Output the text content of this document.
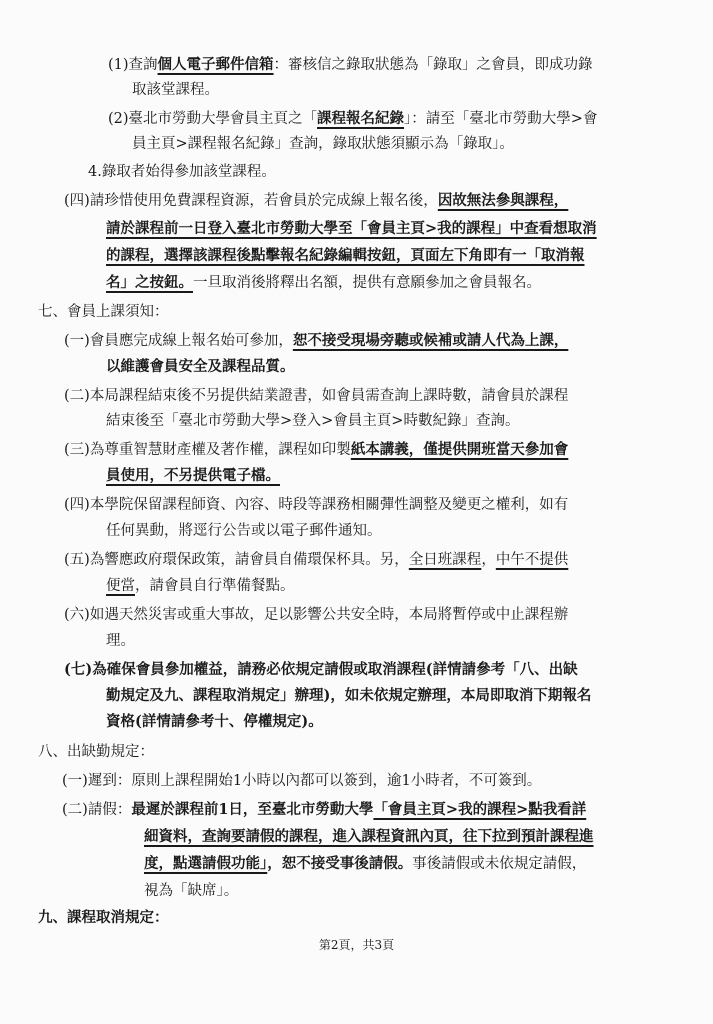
(1)查詢個人電子郵件信箱：審核信之錄取狀態為「錄取」之會員，即成功錄
取該堂課程。
(2)臺北市勞動大學會員主頁之「課程報名紀錄」：請至「臺北市勞動大學>會
員主頁>課程報名紀錄」查詢，錄取狀態須顯示為「錄取」。
4.錄取者始得參加該堂課程。
(四)請珍惜使用免費課程資源，若會員於完成線上報名後，因故無法參與課程，
請於課程前一日登入臺北市勞動大學至「會員主頁>我的課程」中查看想取消
的課程，選擇該課程後點擊報名紀錄編輯按鈕，頁面左下角即有一「取消報
名」之按鈕。一旦取消後將釋出名額，提供有意願參加之會員報名。
七、會員上課須知：
(一)會員應完成線上報名始可參加，恕不接受現場旁聽或候補或請人代為上課，
以維護會員安全及課程品質。
(二)本局課程結束後不另提供結業證書，如會員需查詢上課時數，請會員於課程
結束後至「臺北市勞動大學>登入>會員主頁>時數紀錄」查詢。
(三)為尊重智慧財產權及著作權，課程如印製紙本講義，僅提供開班當天參加會
員使用，不另提供電子檔。
(四)本學院保留課程師資、內容、時段等課務相關彈性調整及變更之權利，如有
任何異動，將逕行公告或以電子郵件通知。
(五)為響應政府環保政策，請會員自備環保杯具。另，全日班課程，中午不提供
便當，請會員自行準備餐點。
(六)如遇天然災害或重大事故，足以影響公共安全時，本局將暫停或中止課程辦
理。
(七)為確保會員參加權益，請務必依規定請假或取消課程(詳情請參考「八、出缺
勤規定及九、課程取消規定」辦理)，如未依規定辦理，本局即取消下期報名
資格(詳情請參考十、停權規定)。
八、出缺勤規定：
(一)遲到：原則上課程開始1小時以內都可以簽到，逾1小時者，不可簽到。
(二)請假：最遲於課程前1日，至臺北市勞動大學「會員主頁>我的課程>點我看詳
細資料，查詢要請假的課程，進入課程資訊內頁，往下拉到預計課程進
度，點選請假功能」，恕不接受事後請假。事後請假或未依規定請假，
視為「缺席」。
九、課程取消規定：
第2頁，共3頁
